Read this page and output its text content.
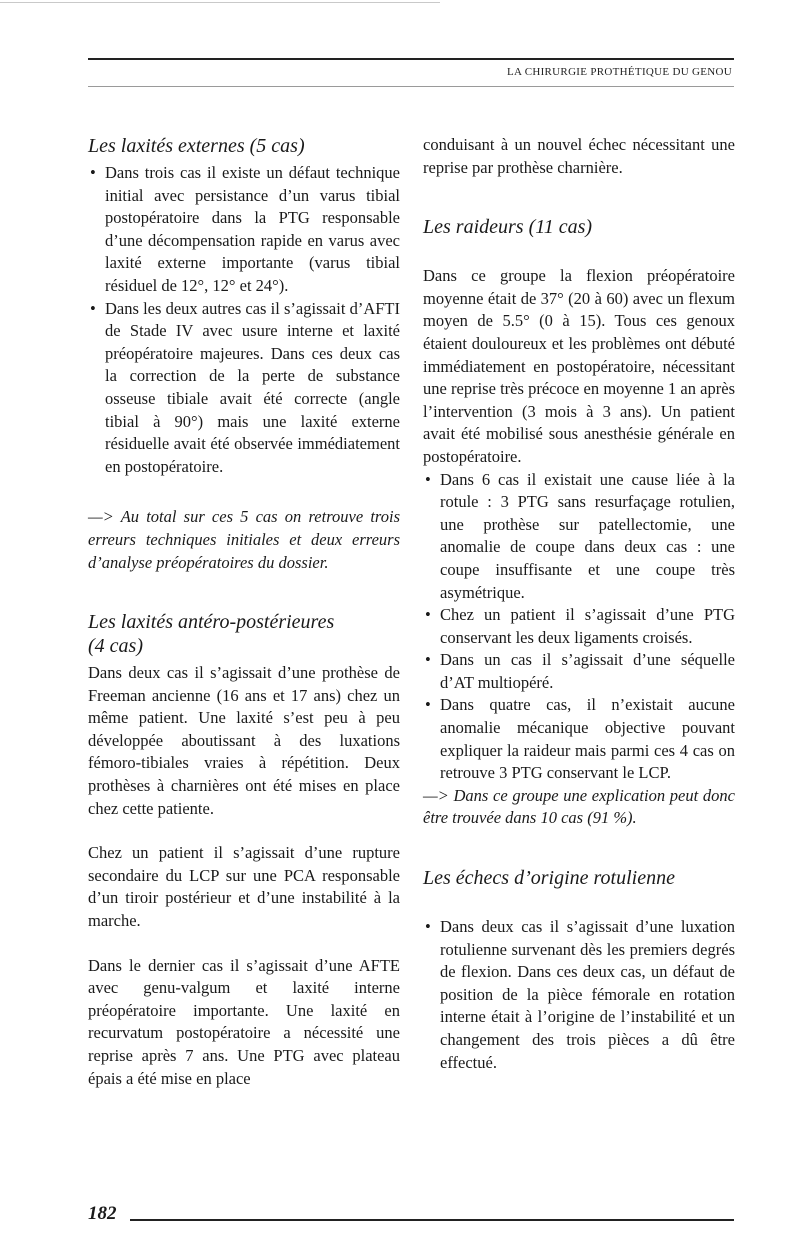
LA CHIRURGIE PROTHÉTIQUE DU GENOU
Les laxités externes (5 cas)
• Dans trois cas il existe un défaut technique initial avec persistance d’un varus tibial postopératoire dans la PTG responsable d’une décompensation rapide en varus avec laxité externe importante (varus tibial résiduel de 12°, 12° et 24°).
• Dans les deux autres cas il s’agissait d’AFTI de Stade IV avec usure interne et laxité préopératoire majeures. Dans ces deux cas la correction de la perte de substance osseuse tibiale avait été correcte (angle tibial à 90°) mais une laxité externe résiduelle avait été observée immédiatement en postopératoire.

—> Au total sur ces 5 cas on retrouve trois erreurs techniques initiales et deux erreurs d’analyse préopératoires du dossier.

Les laxités antéro-postérieures
(4 cas)

Dans deux cas il s’agissait d’une prothèse de Freeman ancienne (16 ans et 17 ans) chez un même patient. Une laxité s’est peu à peu développée aboutissant à des luxations fémoro-tibiales vraies à répétition. Deux prothèses à charnières ont été mises en place chez cette patiente.

Chez un patient il s’agissait d’une rupture secondaire du LCP sur une PCA responsable d’un tiroir postérieur et d’une instabilité à la marche.

Dans le dernier cas il s’agissait d’une AFTE avec genu-valgum et laxité interne préopératoire importante. Une laxité en recurvatum postopératoire a nécessité une reprise après 7 ans. Une PTG avec plateau épais a été mise en place

conduisant à un nouvel échec nécessitant une reprise par prothèse charnière.

Les raideurs (11 cas)

Dans ce groupe la flexion préopératoire moyenne était de 37° (20 à 60) avec un flexum moyen de 5.5° (0 à 15). Tous ces genoux étaient douloureux et les problèmes ont débuté immédiatement en postopératoire, nécessitant une reprise très précoce en moyenne 1 an après l’intervention (3 mois à 3 ans). Un patient avait été mobilisé sous anesthésie générale en postopératoire.

• Dans 6 cas il existait une cause liée à la rotule : 3 PTG sans resurfaçage rotulien, une prothèse sur patellectomie, une anomalie de coupe dans deux cas : une coupe insuffisante et une coupe très asymétrique.
• Chez un patient il s’agissait d’une PTG conservant les deux ligaments croisés.
• Dans un cas il s’agissait d’une séquelle d’AT multiopéré.
• Dans quatre cas, il n’existait aucune anomalie mécanique objective pouvant expliquer la raideur mais parmi ces 4 cas on retrouve 3 PTG conservant le LCP.

—> Dans ce groupe une explication peut donc être trouvée dans 10 cas (91 %).

Les échecs d’origine rotulienne
• Dans deux cas il s’agissait d’une luxation rotulienne survenant dès les premiers degrés de flexion. Dans ces deux cas, un défaut de position de la pièce fémorale en rotation interne était à l’origine de l’instabilité et un changement des trois pièces a dû être effectué.
182
